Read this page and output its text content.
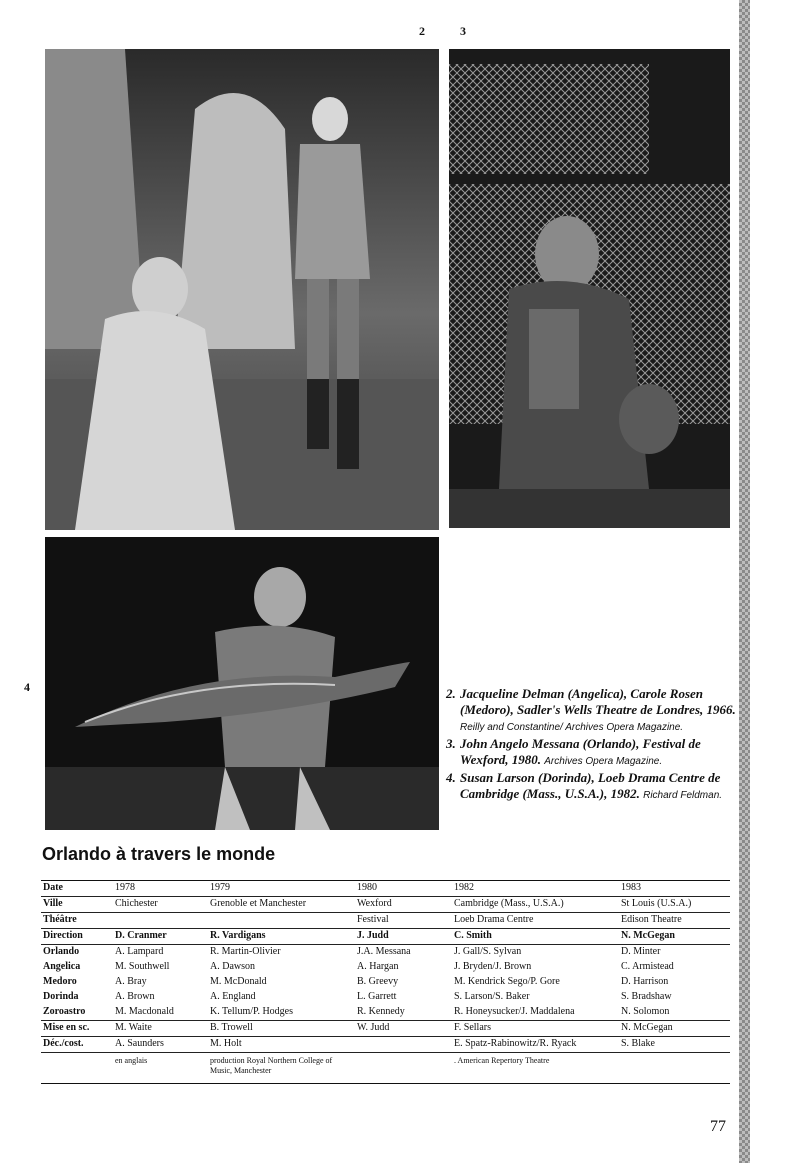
2	3
4	2. Jacqueline Delman (Angelica), Carole Rosen (Medoro), Sadler's Wells Theatre de Londres, 1966. Reilly and Constantine/ Archives Opera Magazine.
3. John Angelo Messana (Orlando), Festival de Wexford, 1980. Archives Opera Magazine.
4. Susan Larson (Dorinda), Loeb Drama Centre de Cambridge (Mass., U.S.A.), 1982. Richard Feldman.
Orlando à travers le monde
Date	1978	1979	1980	1982	1983
Ville	Chichester	Grenoble et Manchester	Wexford	Cambridge (Mass., U.S.A.)	St Louis (U.S.A.)
Théâtre			Festival	Loeb Drama Centre	Edison Theatre
Direction	D. Cranmer	R. Vardigans	J. Judd	C. Smith	N. McGegan
Orlando	A. Lampard	R. Martin-Olivier	J.A. Messana	J. Gall/S. Sylvan	D. Minter
Angelica	M. Southwell	A. Dawson	A. Hargan	J. Bryden/J. Brown	C. Armistead
Medoro	A. Bray	M. McDonald	B. Greevy	M. Kendrick Sego/P. Gore	D. Harrison
Dorinda	A. Brown	A. England	L. Garrett	S. Larson/S. Baker	S. Bradshaw
Zoroastro	M. Macdonald	K. Tellum/P. Hodges	R. Kennedy	R. Honeysucker/J. Maddalena	N. Solomon
Mise en sc.	M. Waite	B. Trowell	W. Judd	F. Sellars	N. McGegan
Déc./cost.	A. Saunders	M. Holt		E. Spatz-Rabinowitz/R. Ryack	S. Blake
	en anglais	production Royal Northern College of Music, Manchester		. American Repertory Theatre	
77
